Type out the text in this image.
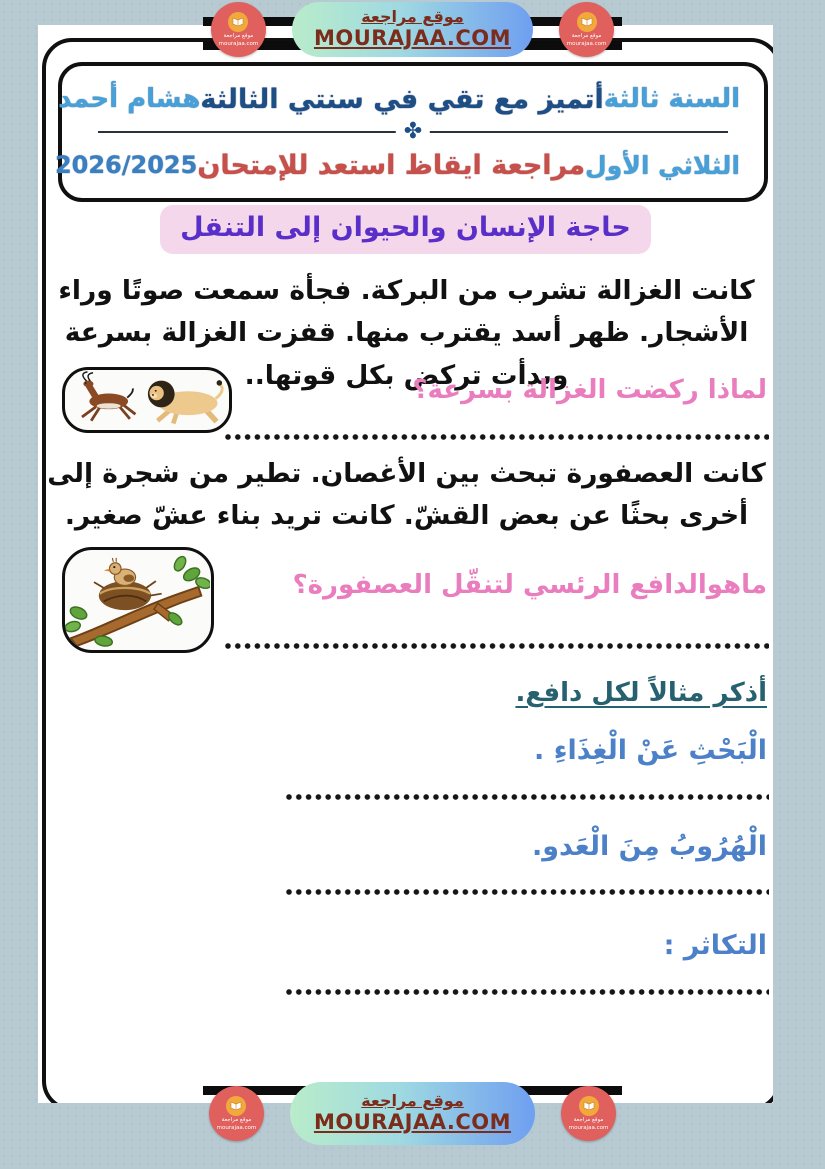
السنة ثالثة
أتميز مع تقي في سنتي الثالثة
هشام أحمد
الثلاثي الأول
مراجعة ايقاظ استعد للإمتحان
2026/2025
✤
حاجة الإنسان والحيوان إلى التنقل

كانت الغزالة تشرب من البركة. فجأة سمعت صوتًا وراء الأشجار. ظهر أسد يقترب منها. قفزت الغزالة بسرعة وبدأت تركض بكل قوتها..

لماذا ركضت الغزالة بسرعة؟

كانت العصفورة تبحث بين الأغصان. تطير من شجرة إلى أخرى بحثًا عن بعض القشّ. كانت تريد بناء عشّ صغير.

ماهوالدافع الرئسي لتنقّل العصفورة؟
أذكر مثالاً لكل دافع.
الْبَحْثِ عَنْ الْغِذَاءِ .
الْهُرُوبُ مِنَ الْعَدو.
التكاثر :
موقع مراجعة
mourajaa.com
موقع مراجعة
MOURAJAA.COM	موقع مراجعة
mourajaa.com
موقع مراجعة
mourajaa.com
موقع مراجعة
MOURAJAA.COM	موقع مراجعة
mourajaa.com
